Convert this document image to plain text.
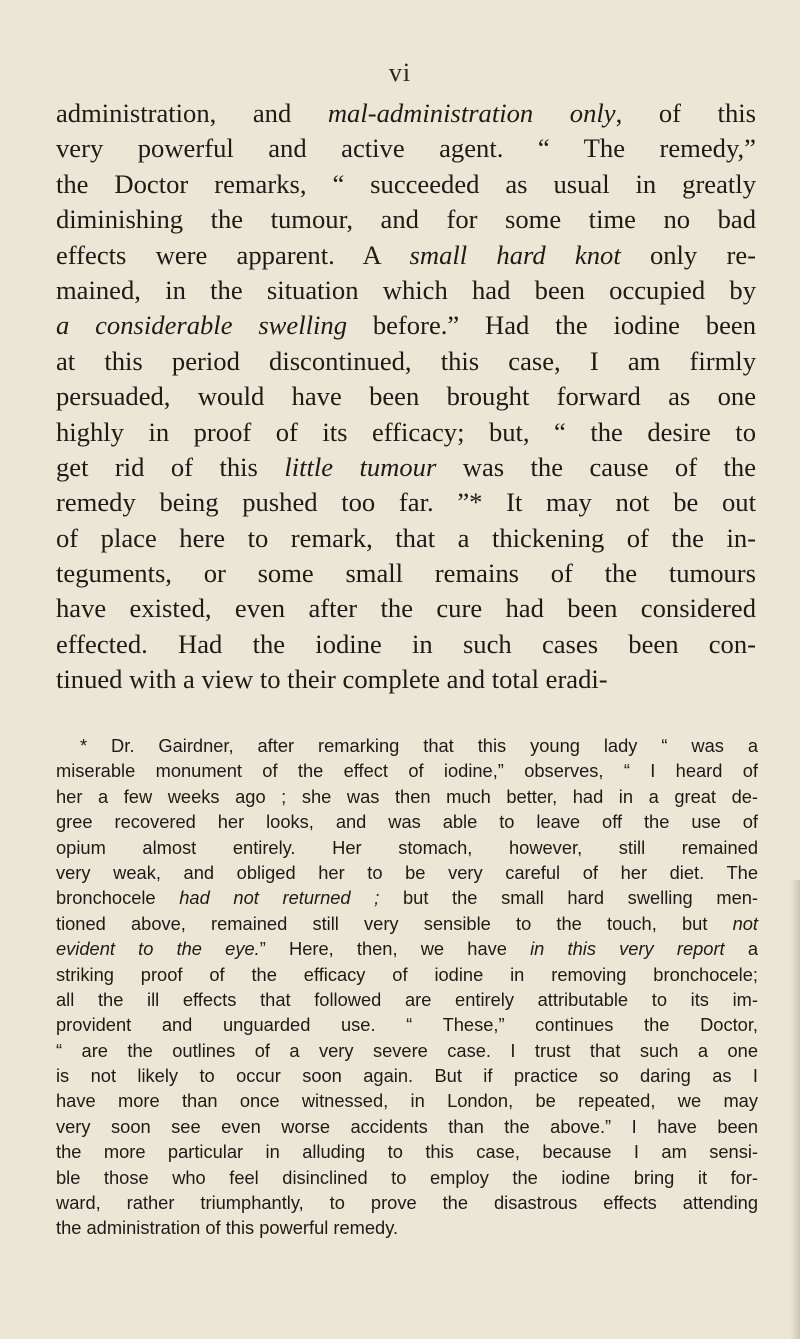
vi
administration, and mal-administration only, of this
very powerful and active agent. “ The remedy,”
the Doctor remarks, “ succeeded as usual in greatly
diminishing the tumour, and for some time no bad
effects were apparent. A small hard knot only re-
mained, in the situation which had been occupied by
a considerable swelling before.” Had the iodine been
at this period discontinued, this case, I am firmly
persuaded, would have been brought forward as one
highly in proof of its efficacy; but, “ the desire to
get rid of this little tumour was the cause of the
remedy being pushed too far. ”* It may not be out
of place here to remark, that a thickening of the in-
teguments, or some small remains of the tumours
have existed, even after the cure had been considered
effected. Had the iodine in such cases been con-
tinued with a view to their complete and total eradi-
* Dr. Gairdner, after remarking that this young lady “ was a
miserable monument of the effect of iodine,” observes, “ I heard of
her a few weeks ago ; she was then much better, had in a great de-
gree recovered her looks, and was able to leave off the use of
opium almost entirely. Her stomach, however, still remained
very weak, and obliged her to be very careful of her diet. The
bronchocele had not returned ; but the small hard swelling men-
tioned above, remained still very sensible to the touch, but not
evident to the eye.” Here, then, we have in this very report a
striking proof of the efficacy of iodine in removing bronchocele;
all the ill effects that followed are entirely attributable to its im-
provident and unguarded use. “ These,” continues the Doctor,
“ are the outlines of a very severe case. I trust that such a one
is not likely to occur soon again. But if practice so daring as I
have more than once witnessed, in London, be repeated, we may
very soon see even worse accidents than the above.” I have been
the more particular in alluding to this case, because I am sensi-
ble those who feel disinclined to employ the iodine bring it for-
ward, rather triumphantly, to prove the disastrous effects attending
the administration of this powerful remedy.
